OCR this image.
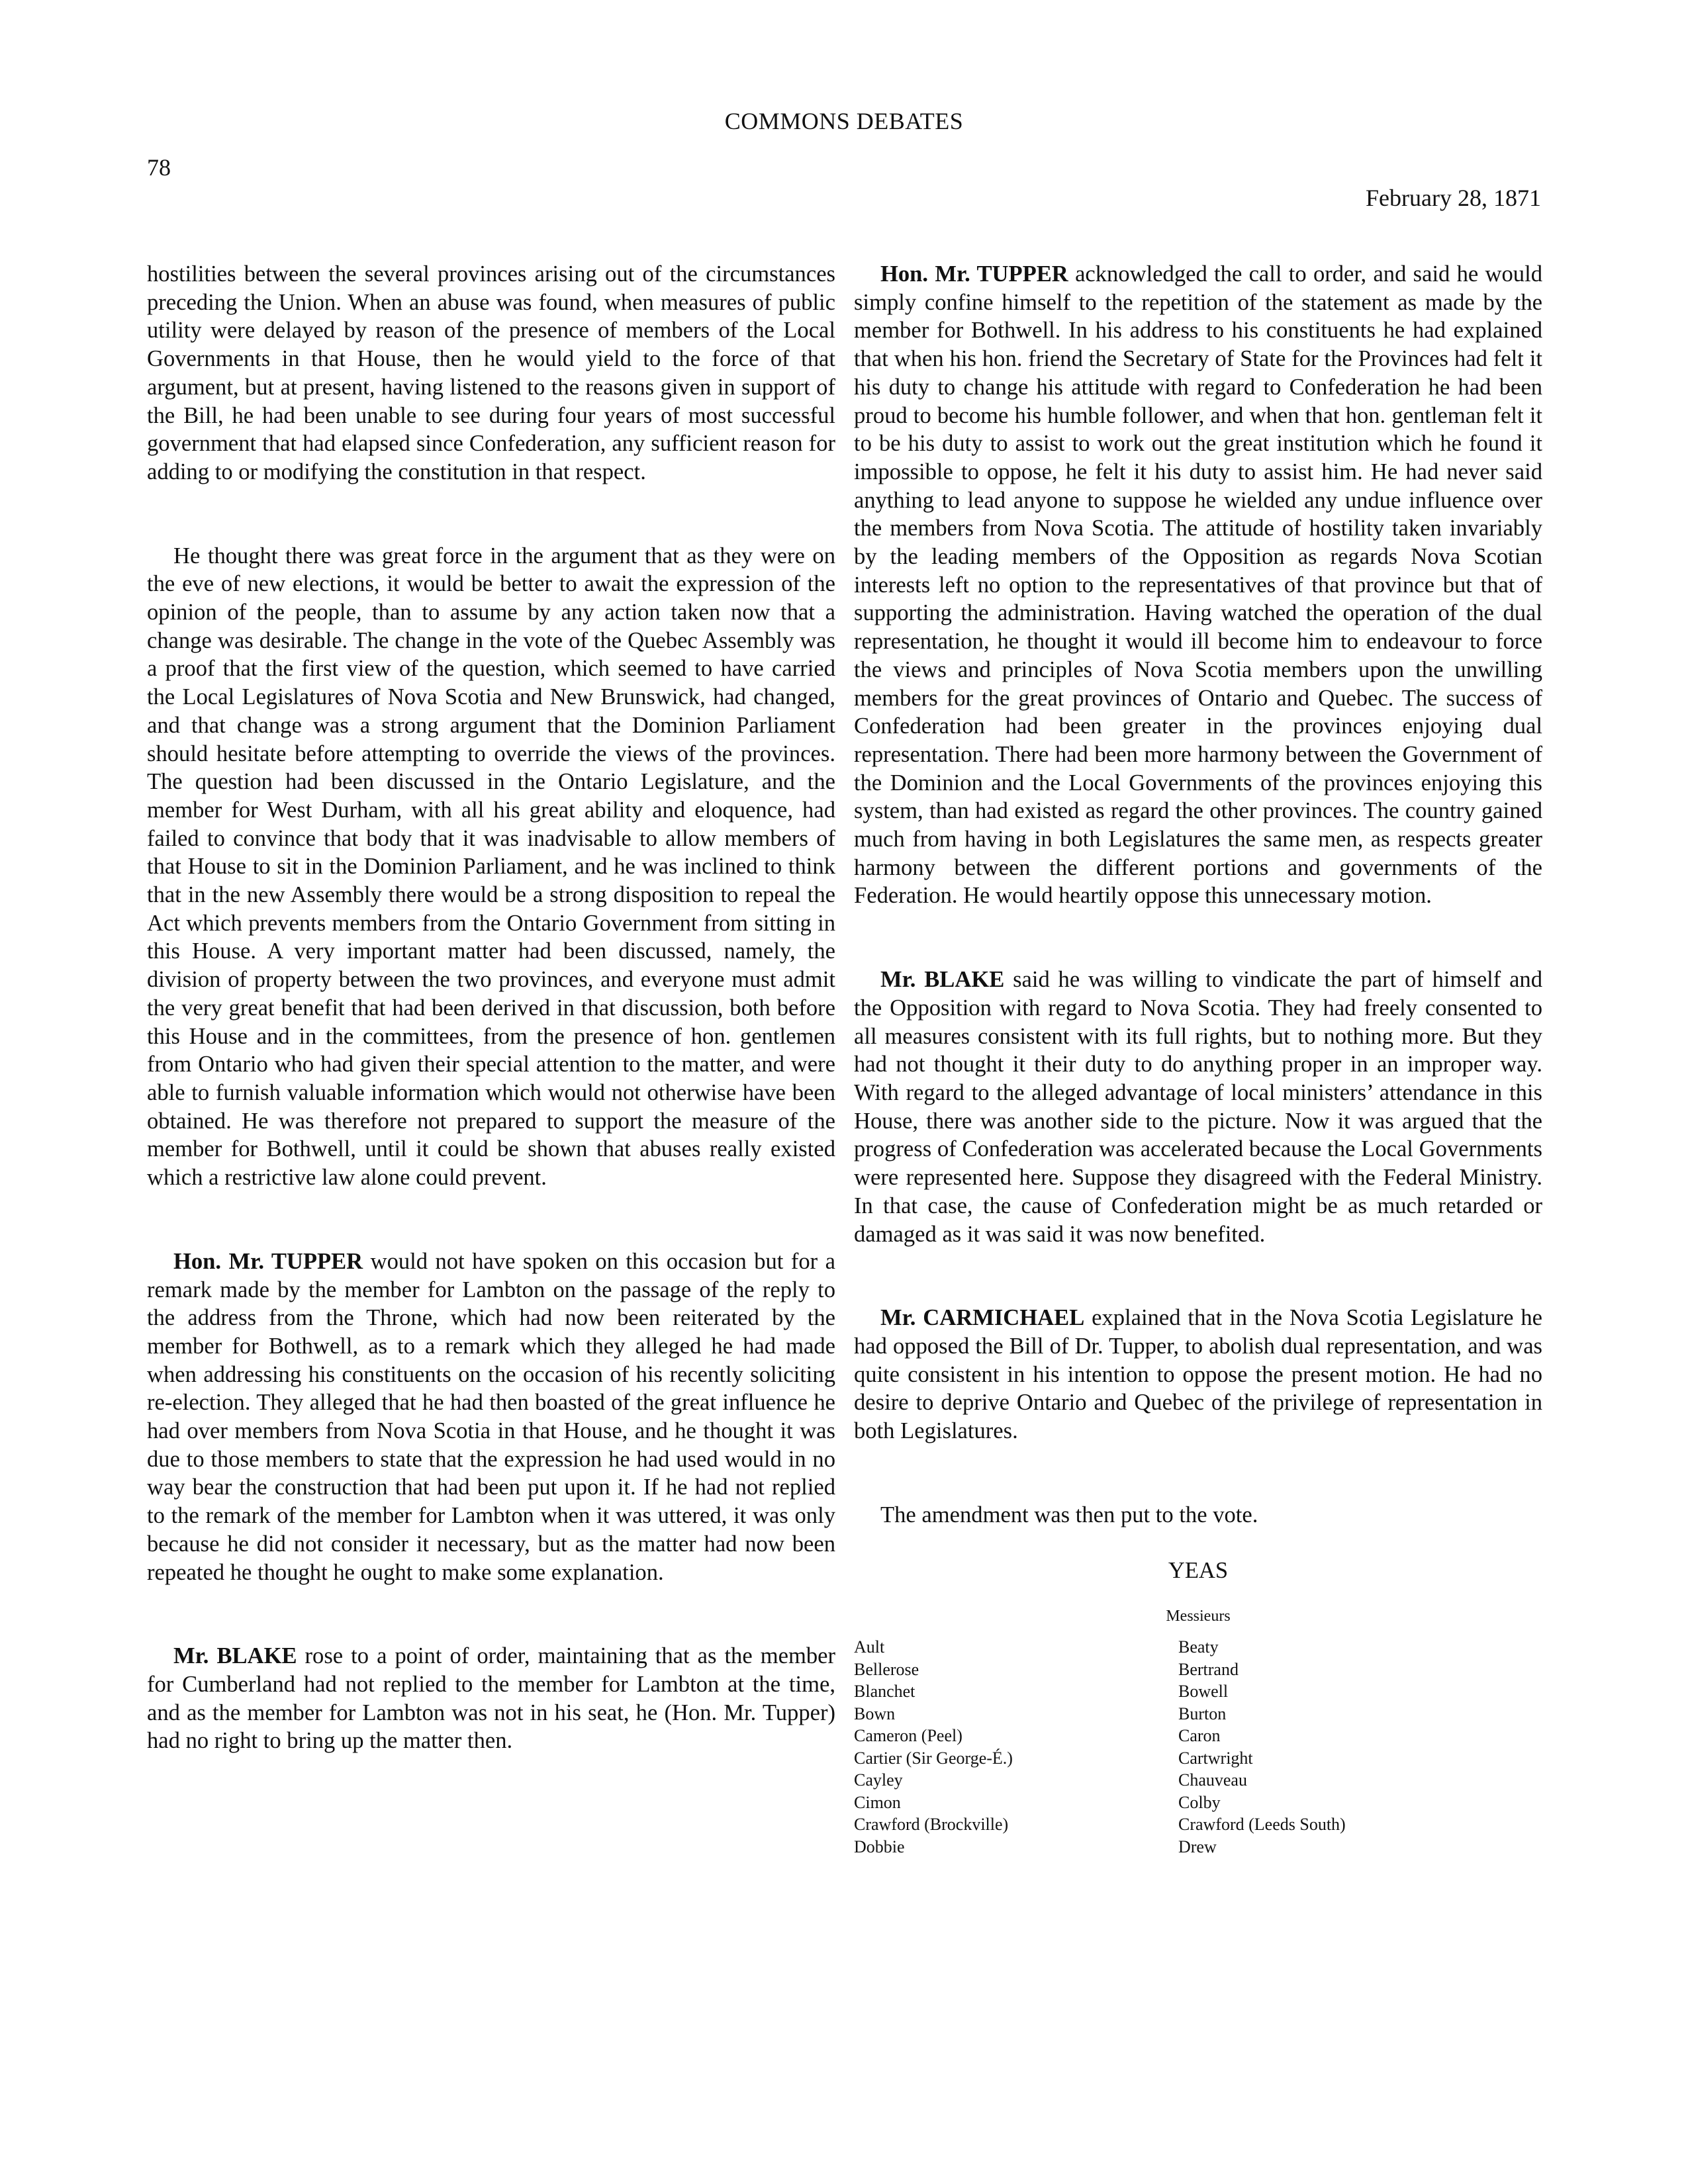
COMMONS DEBATES
78
February 28, 1871

hostilities between the several provinces arising out of the circumstances preceding the Union. When an abuse was found, when measures of public utility were delayed by reason of the presence of members of the Local Governments in that House, then he would yield to the force of that argument, but at present, having listened to the reasons given in support of the Bill, he had been unable to see during four years of most successful government that had elapsed since Confederation, any sufficient reason for adding to or modifying the constitution in that respect.

He thought there was great force in the argument that as they were on the eve of new elections, it would be better to await the expression of the opinion of the people, than to assume by any action taken now that a change was desirable. The change in the vote of the Quebec Assembly was a proof that the first view of the question, which seemed to have carried the Local Legislatures of Nova Scotia and New Brunswick, had changed, and that change was a strong argument that the Dominion Parliament should hesitate before attempting to override the views of the provinces. The question had been discussed in the Ontario Legislature, and the member for West Durham, with all his great ability and eloquence, had failed to convince that body that it was inadvisable to allow members of that House to sit in the Dominion Parliament, and he was inclined to think that in the new Assembly there would be a strong disposition to repeal the Act which prevents members from the Ontario Government from sitting in this House. A very important matter had been discussed, namely, the division of property between the two provinces, and everyone must admit the very great benefit that had been derived in that discussion, both before this House and in the committees, from the presence of hon. gentlemen from Ontario who had given their special attention to the matter, and were able to furnish valuable information which would not otherwise have been obtained. He was therefore not prepared to support the measure of the member for Bothwell, until it could be shown that abuses really existed which a restrictive law alone could prevent.

Hon. Mr. TUPPER would not have spoken on this occasion but for a remark made by the member for Lambton on the passage of the reply to the address from the Throne, which had now been reiterated by the member for Bothwell, as to a remark which they alleged he had made when addressing his constituents on the occasion of his recently soliciting re-election. They alleged that he had then boasted of the great influence he had over members from Nova Scotia in that House, and he thought it was due to those members to state that the expression he had used would in no way bear the construction that had been put upon it. If he had not replied to the remark of the member for Lambton when it was uttered, it was only because he did not consider it necessary, but as the matter had now been repeated he thought he ought to make some explanation.

Mr. BLAKE rose to a point of order, maintaining that as the member for Cumberland had not replied to the member for Lambton at the time, and as the member for Lambton was not in his seat, he (Hon. Mr. Tupper) had no right to bring up the matter then.

Hon. Mr. TUPPER acknowledged the call to order, and said he would simply confine himself to the repetition of the statement as made by the member for Bothwell. In his address to his constituents he had explained that when his hon. friend the Secretary of State for the Provinces had felt it his duty to change his attitude with regard to Confederation he had been proud to become his humble follower, and when that hon. gentleman felt it to be his duty to assist to work out the great institution which he found it impossible to oppose, he felt it his duty to assist him. He had never said anything to lead anyone to suppose he wielded any undue influence over the members from Nova Scotia. The attitude of hostility taken invariably by the leading members of the Opposition as regards Nova Scotian interests left no option to the representatives of that province but that of supporting the administration. Having watched the operation of the dual representation, he thought it would ill become him to endeavour to force the views and principles of Nova Scotia members upon the unwilling members for the great provinces of Ontario and Quebec. The success of Confederation had been greater in the provinces enjoying dual representation. There had been more harmony between the Government of the Dominion and the Local Governments of the provinces enjoying this system, than had existed as regard the other provinces. The country gained much from having in both Legislatures the same men, as respects greater harmony between the different portions and governments of the Federation. He would heartily oppose this unnecessary motion.

Mr. BLAKE said he was willing to vindicate the part of himself and the Opposition with regard to Nova Scotia. They had freely consented to all measures consistent with its full rights, but to nothing more. But they had not thought it their duty to do anything proper in an improper way. With regard to the alleged advantage of local ministers’ attendance in this House, there was another side to the picture. Now it was argued that the progress of Confederation was accelerated because the Local Governments were represented here. Suppose they disagreed with the Federal Ministry. In that case, the cause of Confederation might be as much retarded or damaged as it was said it was now benefited.

Mr. CARMICHAEL explained that in the Nova Scotia Legislature he had opposed the Bill of Dr. Tupper, to abolish dual representation, and was quite consistent in his intention to oppose the present motion. He had no desire to deprive Ontario and Quebec of the privilege of representation in both Legislatures.

The amendment was then put to the vote.

YEAS
Messieurs
Ault
Bellerose
Blanchet
Bown
Cameron (Peel)
Cartier (Sir George-É.)
Cayley
Cimon
Crawford (Brockville)
Dobbie
Beaty
Bertrand
Bowell
Burton
Caron
Cartwright
Chauveau
Colby
Crawford (Leeds South)
Drew
